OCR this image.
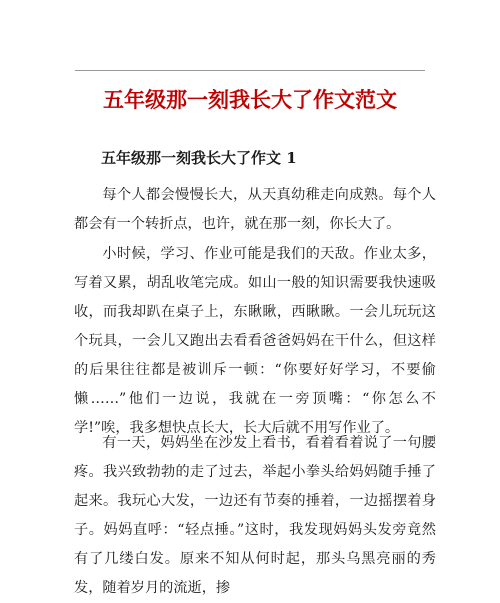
五年级那一刻我长大了作文范文
五年级那一刻我长大了作文 1

每个人都会慢慢长大，从天真幼稚走向成熟。每个人都会有一个转折点，也许，就在那一刻，你长大了。

小时候，学习、作业可能是我们的天敌。作业太多，写着又累，胡乱收笔完成。如山一般的知识需要我快速吸收，而我却趴在桌子上，东瞅瞅，西瞅瞅。一会儿玩玩这个玩具，一会儿又跑出去看看爸爸妈妈在干什么，但这样的后果往往都是被训斥一顿：“你要好好学习，不要偷懒……”他们一边说，我就在一旁顶嘴：“你怎么不学!”唉，我多想快点长大，长大后就不用写作业了。

有一天，妈妈坐在沙发上看书，看着看着说了一句腰疼。我兴致勃勃的走了过去，举起小拳头给妈妈随手捶了起来。我玩心大发，一边还有节奏的捶着，一边摇摆着身子。妈妈直呼：“轻点捶。”这时，我发现妈妈头发旁竟然有了几缕白发。原来不知从何时起，那头乌黑亮丽的秀发，随着岁月的流逝，掺
